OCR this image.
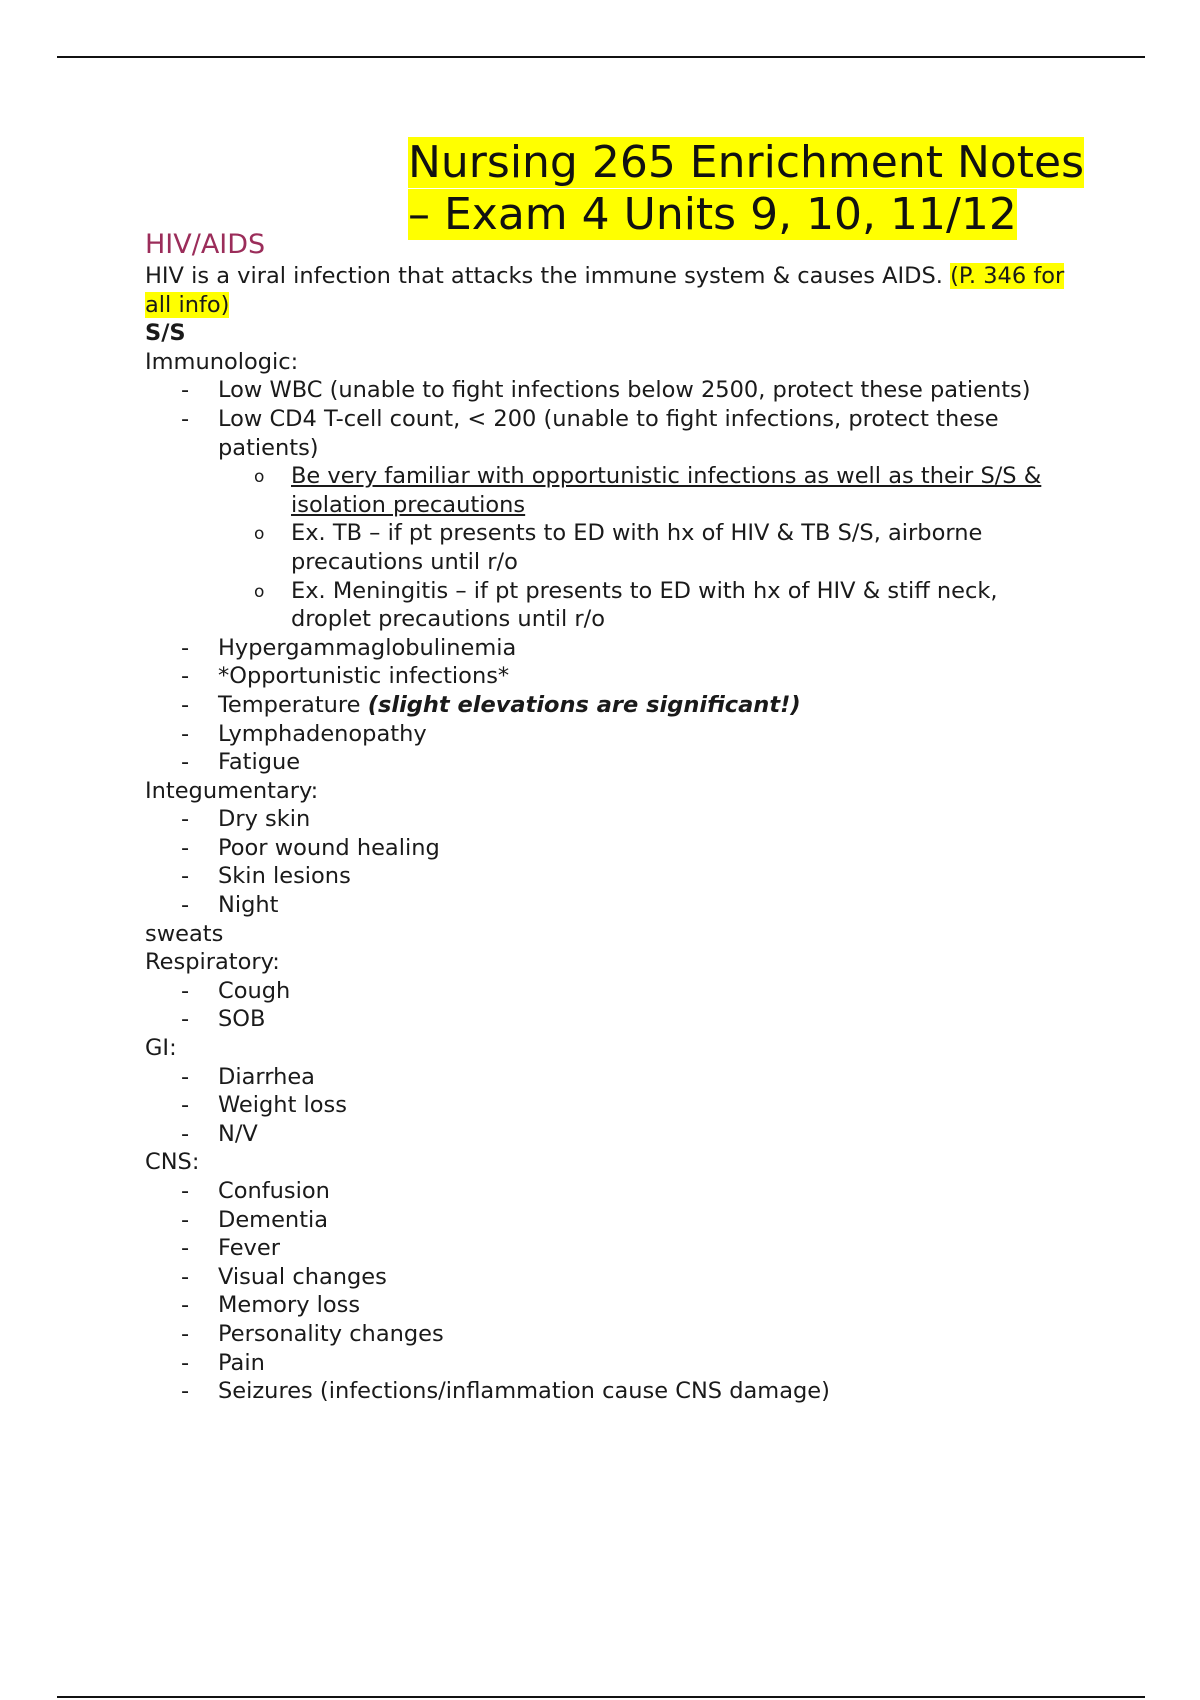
Nursing 265 Enrichment Notes
– Exam 4 Units 9, 10, 11/12
HIV/AIDS

HIV is a viral infection that attacks the immune system & causes AIDS. (P. 346 for all info)

S/S

Immunologic:

- Low WBC (unable to fight infections below 2500, protect these patients)
- Low CD4 T-cell count, < 200 (unable to fight infections, protect these patients)
o Be very familiar with opportunistic infections as well as their S/S & isolation precautions
o Ex. TB – if pt presents to ED with hx of HIV & TB S/S, airborne precautions until r/o
o Ex. Meningitis – if pt presents to ED with hx of HIV & stiff neck, droplet precautions until r/o
- Hypergammaglobulinemia
- *Opportunistic infections*
- Temperature (slight elevations are significant!)
- Lymphadenopathy
- Fatigue

Integumentary:

- Dry skin
- Poor wound healing
- Skin lesions
- Night

sweats

Respiratory:

- Cough
- SOB

GI:

- Diarrhea
- Weight loss
- N/V

CNS:

- Confusion
- Dementia
- Fever
- Visual changes
- Memory loss
- Personality changes
- Pain
- Seizures (infections/inflammation cause CNS damage)
